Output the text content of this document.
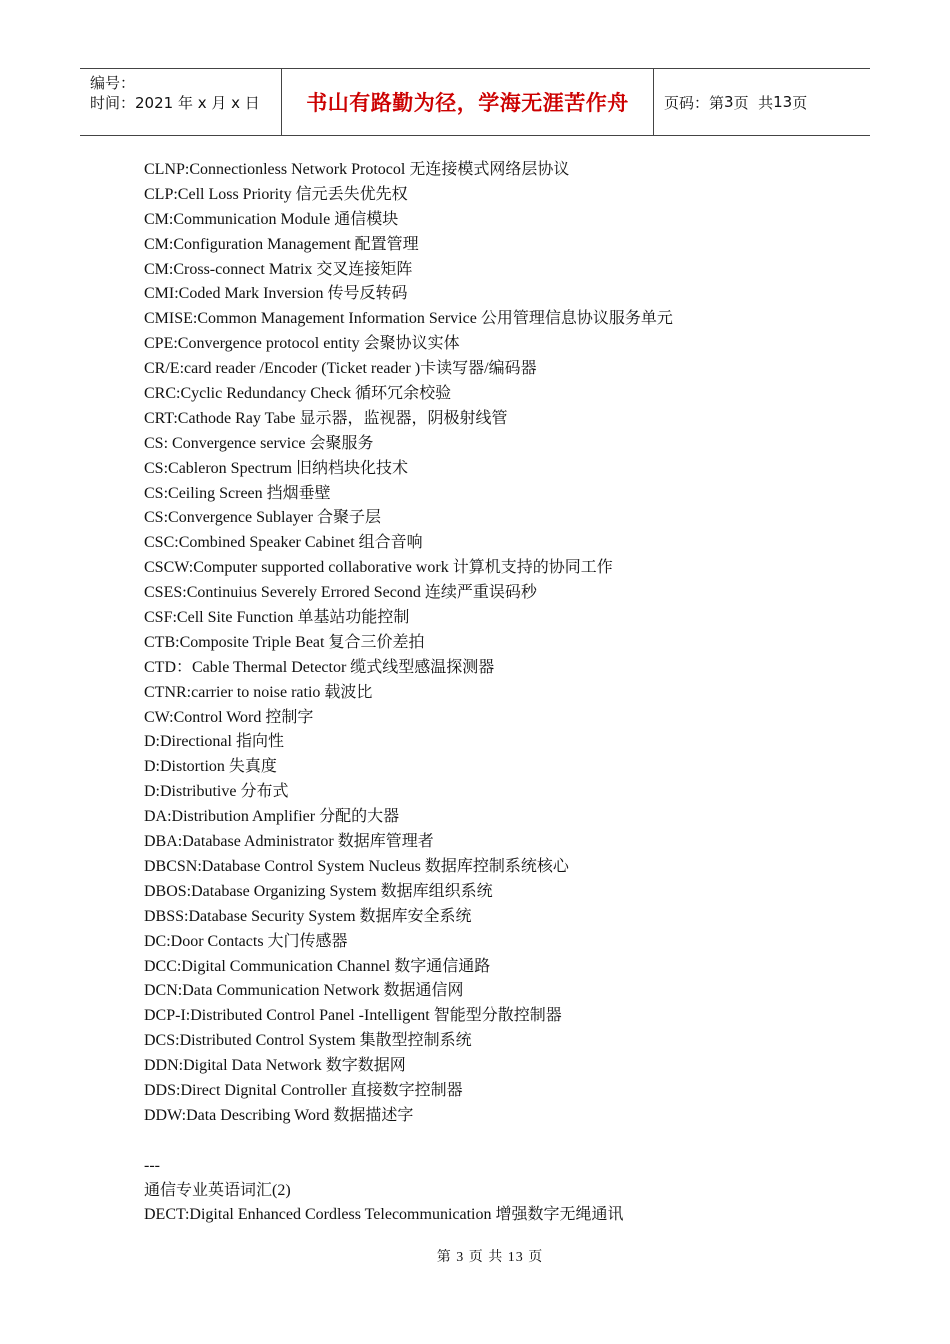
编号：
时间：2021 年 x 月 x 日	书山有路勤为径，学海无涯苦作舟	页码：第 3 页  共 13 页
CLNP:Connectionless Network Protocol 无连接模式网络层协议
CLP:Cell Loss Priority 信元丢失优先权
CM:Communication Module 通信模块
CM:Configuration Management 配置管理
CM:Cross-connect Matrix 交叉连接矩阵
CMI:Coded Mark Inversion 传号反转码
CMISE:Common Management Information Service 公用管理信息协议服务单元
CPE:Convergence protocol entity 会聚协议实体
CR/E:card reader /Encoder (Ticket reader )卡读写器/编码器
CRC:Cyclic Redundancy Check 循环冗余校验
CRT:Cathode Ray Tabe 显示器，监视器，阴极射线管
CS: Convergence service 会聚服务
CS:Cableron Spectrum 旧纳档块化技术
CS:Ceiling Screen 挡烟垂壁
CS:Convergence Sublayer 合聚子层
CSC:Combined Speaker Cabinet 组合音响
CSCW:Computer supported collaborative work 计算机支持的协同工作
CSES:Continuius Severely Errored Second 连续严重误码秒
CSF:Cell Site Function 单基站功能控制
CTB:Composite Triple Beat 复合三价差拍
CTD：Cable Thermal Detector 缆式线型感温探测器
CTNR:carrier to noise ratio 载波比
CW:Control Word 控制字
D:Directional 指向性
D:Distortion 失真度
D:Distributive 分布式
DA:Distribution Amplifier 分配的大器
DBA:Database Administrator 数据库管理者
DBCSN:Database Control System Nucleus 数据库控制系统核心
DBOS:Database Organizing System 数据库组织系统
DBSS:Database Security System 数据库安全系统
DC:Door Contacts 大门传感器
DCC:Digital Communication Channel 数字通信通路
DCN:Data Communication Network 数据通信网
DCP-I:Distributed Control Panel -Intelligent 智能型分散控制器
DCS:Distributed Control System 集散型控制系统
DDN:Digital Data Network 数字数据网
DDS:Direct Dignital Controller 直接数字控制器
DDW:Data Describing Word 数据描述字
---
通信专业英语词汇(2)
DECT:Digital Enhanced Cordless Telecommunication 增强数字无绳通讯
第 3 页 共 13 页
